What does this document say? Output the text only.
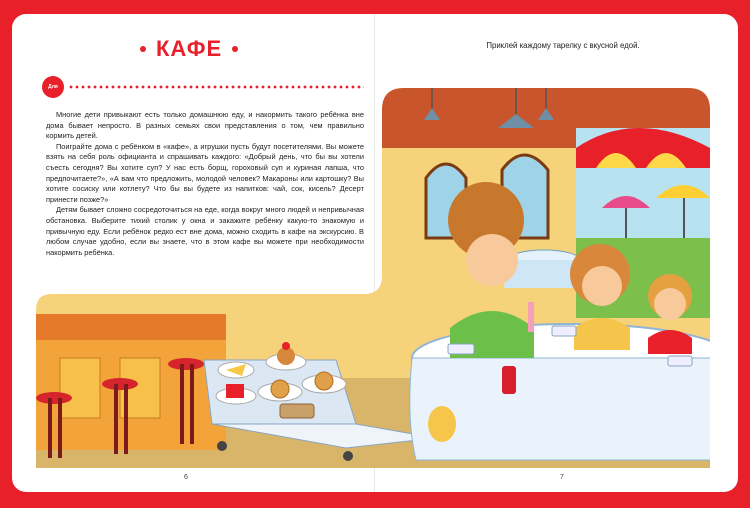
КАФЕ
Для взрослых

Многие дети привыкают есть только домашнюю еду, и накормить такого ребёнка вне дома бывает непросто. В разных семьях свои представления о том, чем правильно кормить детей.

Поиграйте дома с ребёнком в «кафе», а игрушки пусть будут посетителями. Вы можете взять на себя роль официанта и спрашивать каждого: «Добрый день, что бы вы хотели съесть сегодня? Вы хотите суп? У нас есть борщ, гороховый суп и куриная лапша, что предпочитаете?», «А вам что предложить, молодой человек? Макароны или картошку? Вы хотите сосиску или котлету? Что бы вы будете из напитков: чай, сок, кисель? Десерт принести позже?»

Детям бывает сложно сосредоточиться на еде, когда вокруг много людей и непривычная обстановка. Выберите тихий столик у окна и закажите ребёнку какую-то знакомую и привычную еду. Если ребёнок редко ест вне дома, можно сходить в кафе на экскурсию. В любом случае удобно, если вы знаете, что в этом кафе вы можете при необходимости накормить ребёнка.

Приклей каждому тарелку с вкусной едой.
6	7
